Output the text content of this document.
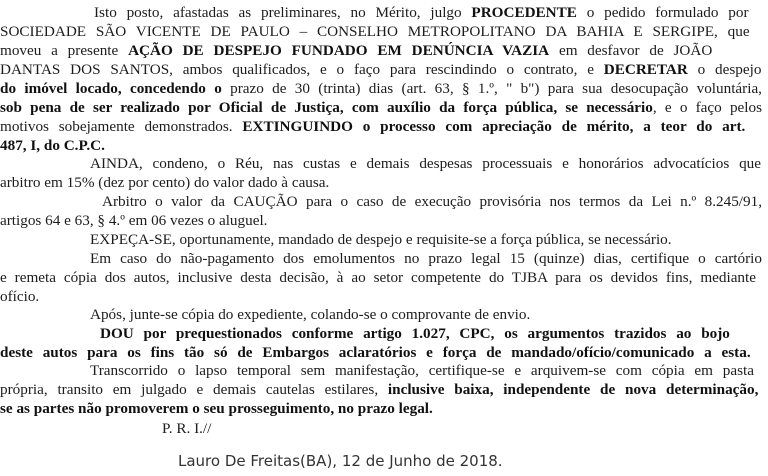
Isto posto, afastadas as preliminares, no Mérito, julgo PROCEDENTE o pedido formulado por
SOCIEDADE SÃO VICENTE DE PAULO – CONSELHO METROPOLITANO DA BAHIA E SERGIPE, que
moveu a presente AÇÃO DE DESPEJO FUNDADO EM DENÚNCIA VAZIA em desfavor de JOÃO
DANTAS DOS SANTOS, ambos qualificados, e o faço para rescindindo o contrato, e DECRETAR o despejo
do imóvel locado, concedendo o prazo de 30 (trinta) dias (art. 63, § 1.º, " b") para sua desocupação voluntária,
sob pena de ser realizado por Oficial de Justiça, com auxílio da força pública, se necessário, e o faço pelos
motivos sobejamente demonstrados. EXTINGUINDO o processo com apreciação de mérito, a teor do art.
487, I, do C.P.C.
AINDA, condeno, o Réu, nas custas e demais despesas processuais e honorários advocatícios que
arbitro em 15% (dez por cento) do valor dado à causa.
Arbitro o valor da CAUÇÃO para o caso de execução provisória nos termos da Lei n.º 8.245/91,
artigos 64 e 63, § 4.º em 06 vezes o aluguel.
EXPEÇA-SE, oportunamente, mandado de despejo e requisite-se a força pública, se necessário.
Em caso do não-pagamento dos emolumentos no prazo legal 15 (quinze) dias, certifique o cartório
e remeta cópia dos autos, inclusive desta decisão, à ao setor competente do TJBA para os devidos fins, mediante
ofício.
Após, junte-se cópia do expediente, colando-se o comprovante de envio.
DOU por prequestionados conforme artigo 1.027, CPC, os argumentos trazidos ao bojo
deste autos para os fins tão só de Embargos aclaratórios e força de mandado/ofício/comunicado a esta.
Transcorrido o lapso temporal sem manifestação, certifique-se e arquivem-se com cópia em pasta
própria, transito em julgado e demais cautelas estilares, inclusive baixa, independente de nova determinação,
se as partes não promoverem o seu prosseguimento, no prazo legal.
P. R. I.//
Lauro De Freitas(BA), 12 de Junho de 2018.
